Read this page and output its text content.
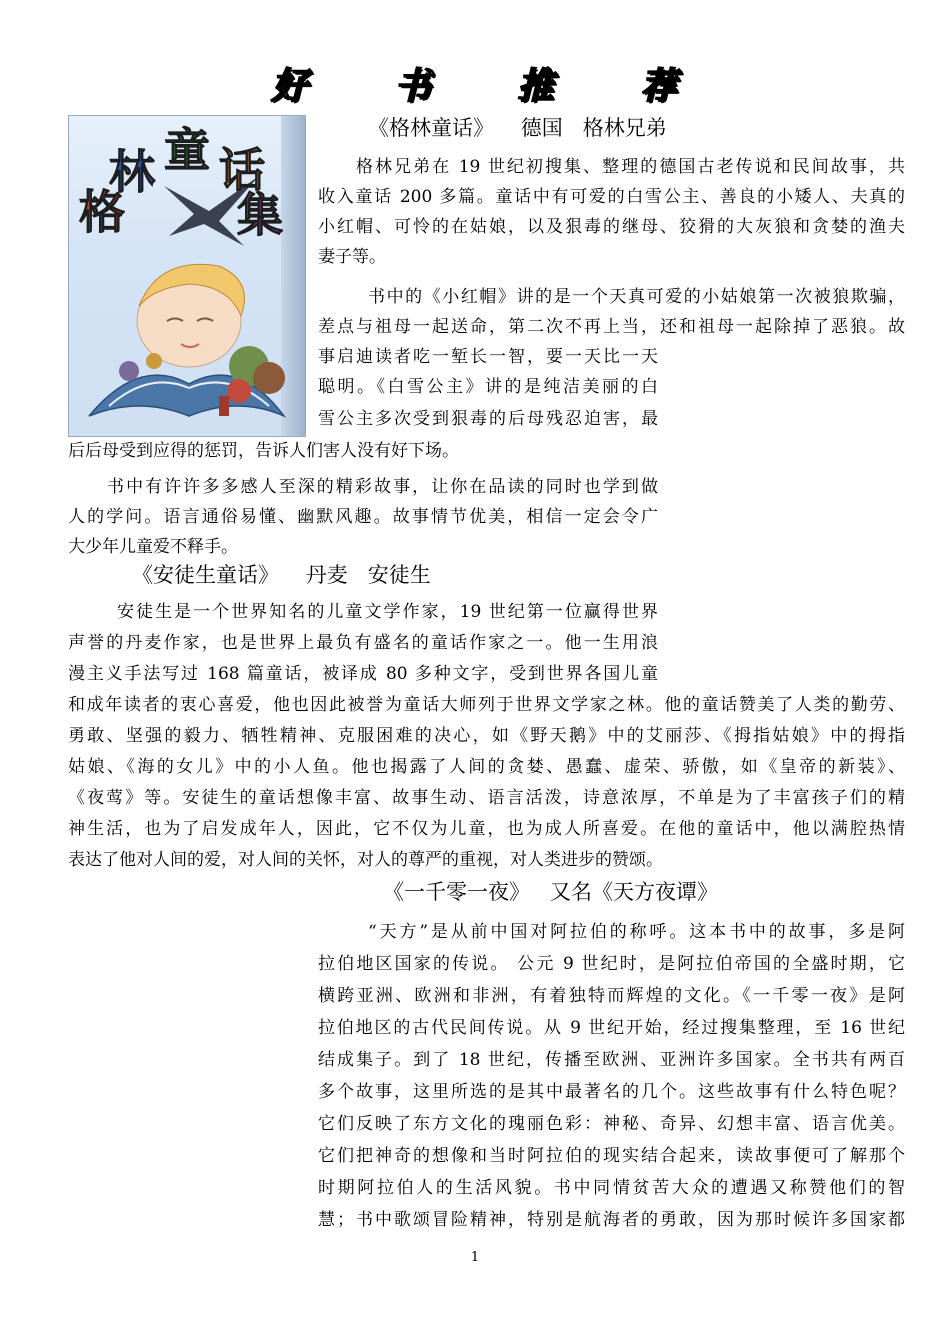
好 书 推 荐
童
林 话
格 集
《格林童话》    德国   格林兄弟
格林兄弟在 19 世纪初搜集、整理的德国古老传说和民间故事，共
收入童话 200 多篇。童话中有可爱的白雪公主、善良的小矮人、夫真的
小红帽、可怜的在姑娘，以及狠毒的继母、狡猾的大灰狼和贪婪的渔夫
妻子等。
书中的《小红帽》讲的是一个天真可爱的小姑娘第一次被狼欺骗，
差点与祖母一起送命，第二次不再上当，还和祖母一起除掉了恶狼。故
事启迪读者吃一堑长一智，要一天比一天
聪明。《白雪公主》讲的是纯洁美丽的白
雪公主多次受到狠毒的后母残忍迫害，最
后后母受到应得的惩罚，告诉人们害人没有好下场。
书中有许许多多感人至深的精彩故事，让你在品读的同时也学到做
人的学问。语言通俗易懂、幽默风趣。故事情节优美，相信一定会令广
大少年儿童爱不释手。
《安徒生童话》    丹麦   安徒生
安徒生是一个世界知名的儿童文学作家，19 世纪第一位赢得世界
声誉的丹麦作家，也是世界上最负有盛名的童话作家之一。他一生用浪
漫主义手法写过 168 篇童话，被译成 80 多种文字，受到世界各国儿童
和成年读者的衷心喜爱，他也因此被誉为童话大师列于世界文学家之林。他的童话赞美了人类的勤劳、
勇敢、坚强的毅力、牺牲精神、克服困难的决心，如《野天鹅》中的艾丽莎、《拇指姑娘》中的拇指
姑娘、《海的女儿》中的小人鱼。他也揭露了人间的贪婪、愚蠢、虚荣、骄傲，如《皇帝的新装》、
《夜莺》等。安徒生的童话想像丰富、故事生动、语言活泼，诗意浓厚，不单是为了丰富孩子们的精
神生活，也为了启发成年人，因此，它不仅为儿童，也为成人所喜爱。在他的童话中，他以满腔热情
表达了他对人间的爱，对人间的关怀，对人的尊严的重视，对人类进步的赞颂。
《一千零一夜》   又名《天方夜谭》
“天方”是从前中国对阿拉伯的称呼。这本书中的故事，多是阿
拉伯地区国家的传说。 公元 9 世纪时，是阿拉伯帝国的全盛时期，它
横跨亚洲、欧洲和非洲，有着独特而辉煌的文化。《一千零一夜》是阿
拉伯地区的古代民间传说。从 9 世纪开始，经过搜集整理，至 16 世纪
结成集子。到了 18 世纪，传播至欧洲、亚洲许多国家。全书共有两百
多个故事，这里所选的是其中最著名的几个。这些故事有什么特色呢？
它们反映了东方文化的瑰丽色彩：神秘、奇异、幻想丰富、语言优美。
它们把神奇的想像和当时阿拉伯的现实结合起来，读故事便可了解那个
时期阿拉伯人的生活风貌。书中同情贫苦大众的遭遇又称赞他们的智
慧；书中歌颂冒险精神，特别是航海者的勇敢，因为那时候许多国家都
1
